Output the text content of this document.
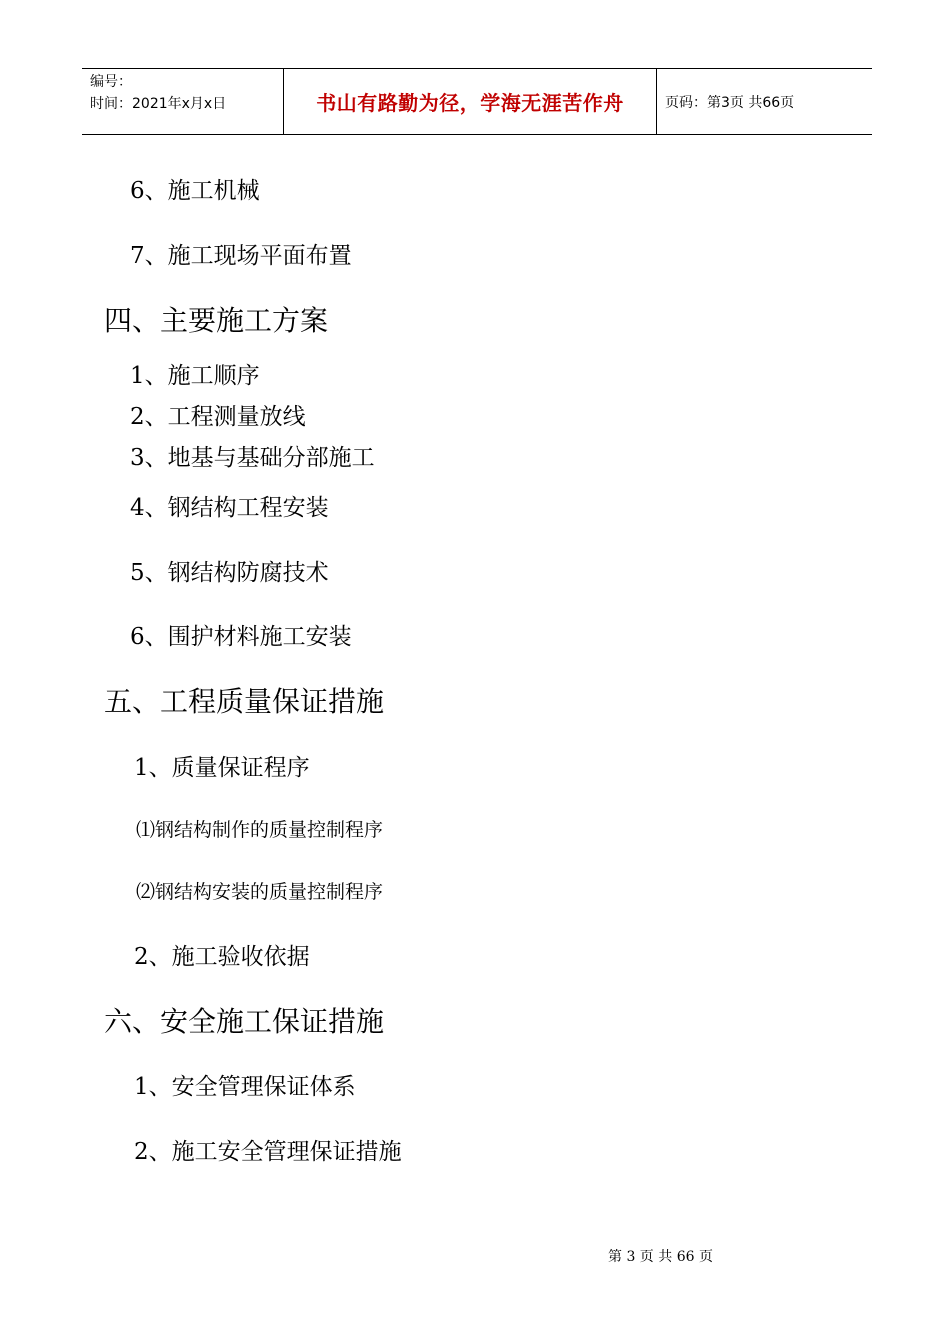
编号：
时间：2021年x月x日	书山有路勤为径，学海无涯苦作舟	页码：第3页 共66页
6、施工机械
7、施工现场平面布置
四、主要施工方案
1、施工顺序
2、工程测量放线
3、地基与基础分部施工
4、钢结构工程安装
5、钢结构防腐技术
6、围护材料施工安装
五、工程质量保证措施
1、质量保证程序
⑴钢结构制作的质量控制程序
⑵钢结构安装的质量控制程序
2、施工验收依据
六、安全施工保证措施
1、安全管理保证体系
2、施工安全管理保证措施
第 3 页 共 66 页
